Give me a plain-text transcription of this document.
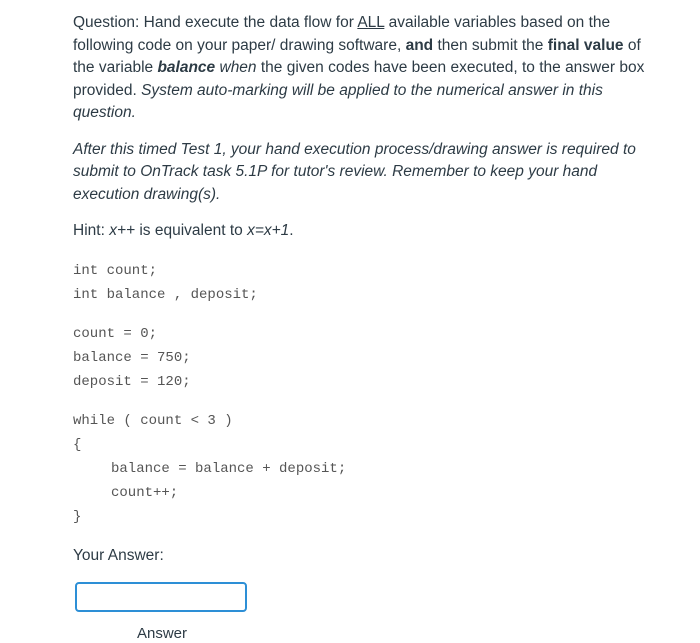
Question: Hand execute the data flow for ALL available variables based on the following code on your paper/ drawing software, and then submit the final value of the variable balance when the given codes have been executed, to the answer box provided. System auto-marking will be applied to the numerical answer in this question.

After this timed Test 1, your hand execution process/drawing answer is required to submit to OnTrack task 5.1P for tutor's review. Remember to keep your hand execution drawing(s).

Hint: x++ is equivalent to x=x+1.

int count;
int balance , deposit;
count = 0;
balance = 750;
deposit = 120;
while ( count < 3 )
{
balance = balance + deposit;
count++;
}
Your Answer:
Answer
